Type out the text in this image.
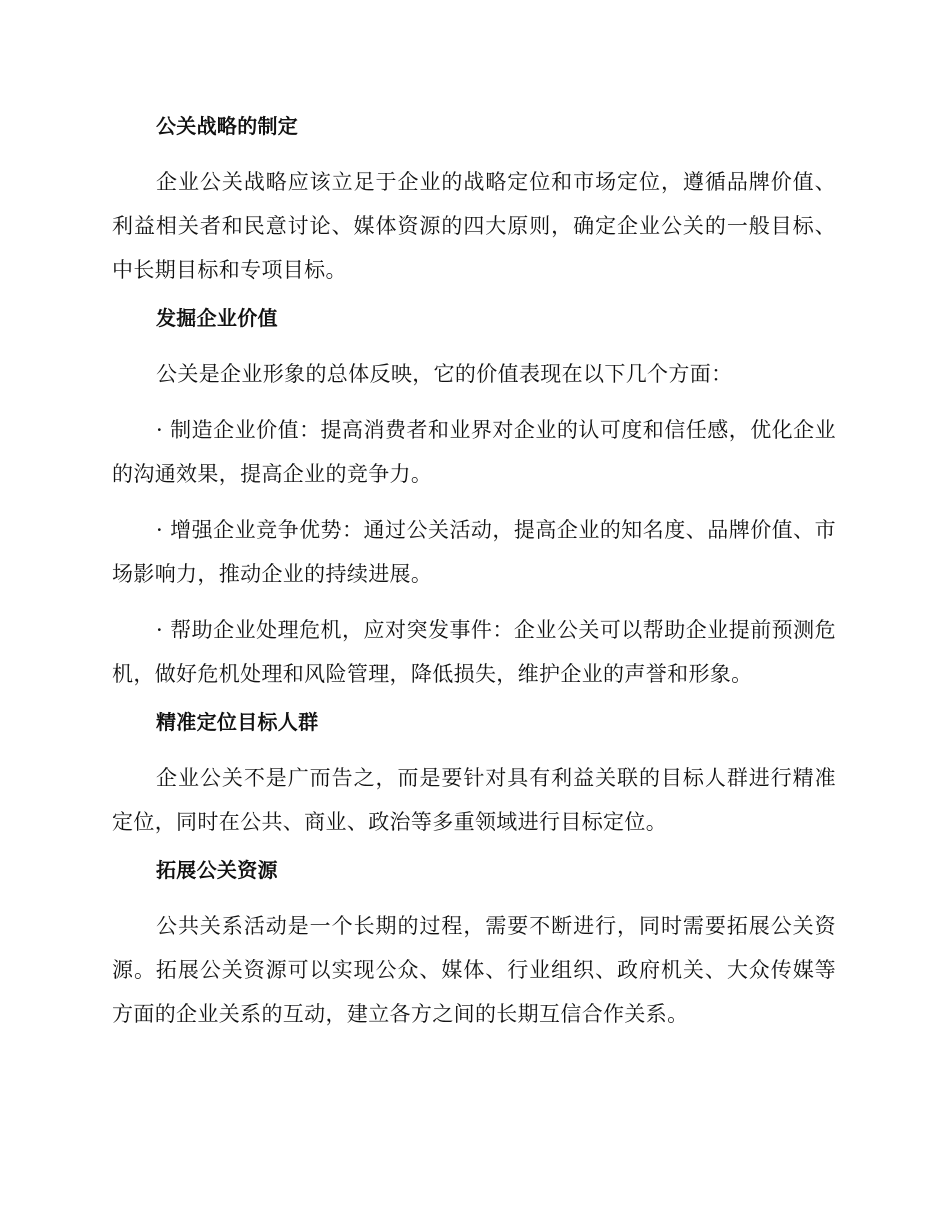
公关战略的制定

企业公关战略应该立足于企业的战略定位和市场定位，遵循品牌价值、利益相关者和民意讨论、媒体资源的四大原则，确定企业公关的一般目标、中长期目标和专项目标。

发掘企业价值

公关是企业形象的总体反映，它的价值表现在以下几个方面：

· 制造企业价值：提高消费者和业界对企业的认可度和信任感，优化企业的沟通效果，提高企业的竞争力。

· 增强企业竞争优势：通过公关活动，提高企业的知名度、品牌价值、市场影响力，推动企业的持续进展。

· 帮助企业处理危机，应对突发事件：企业公关可以帮助企业提前预测危机，做好危机处理和风险管理，降低损失，维护企业的声誉和形象。

精准定位目标人群

企业公关不是广而告之，而是要针对具有利益关联的目标人群进行精准定位，同时在公共、商业、政治等多重领域进行目标定位。

拓展公关资源

公共关系活动是一个长期的过程，需要不断进行，同时需要拓展公关资源。拓展公关资源可以实现公众、媒体、行业组织、政府机关、大众传媒等方面的企业关系的互动，建立各方之间的长期互信合作关系。
